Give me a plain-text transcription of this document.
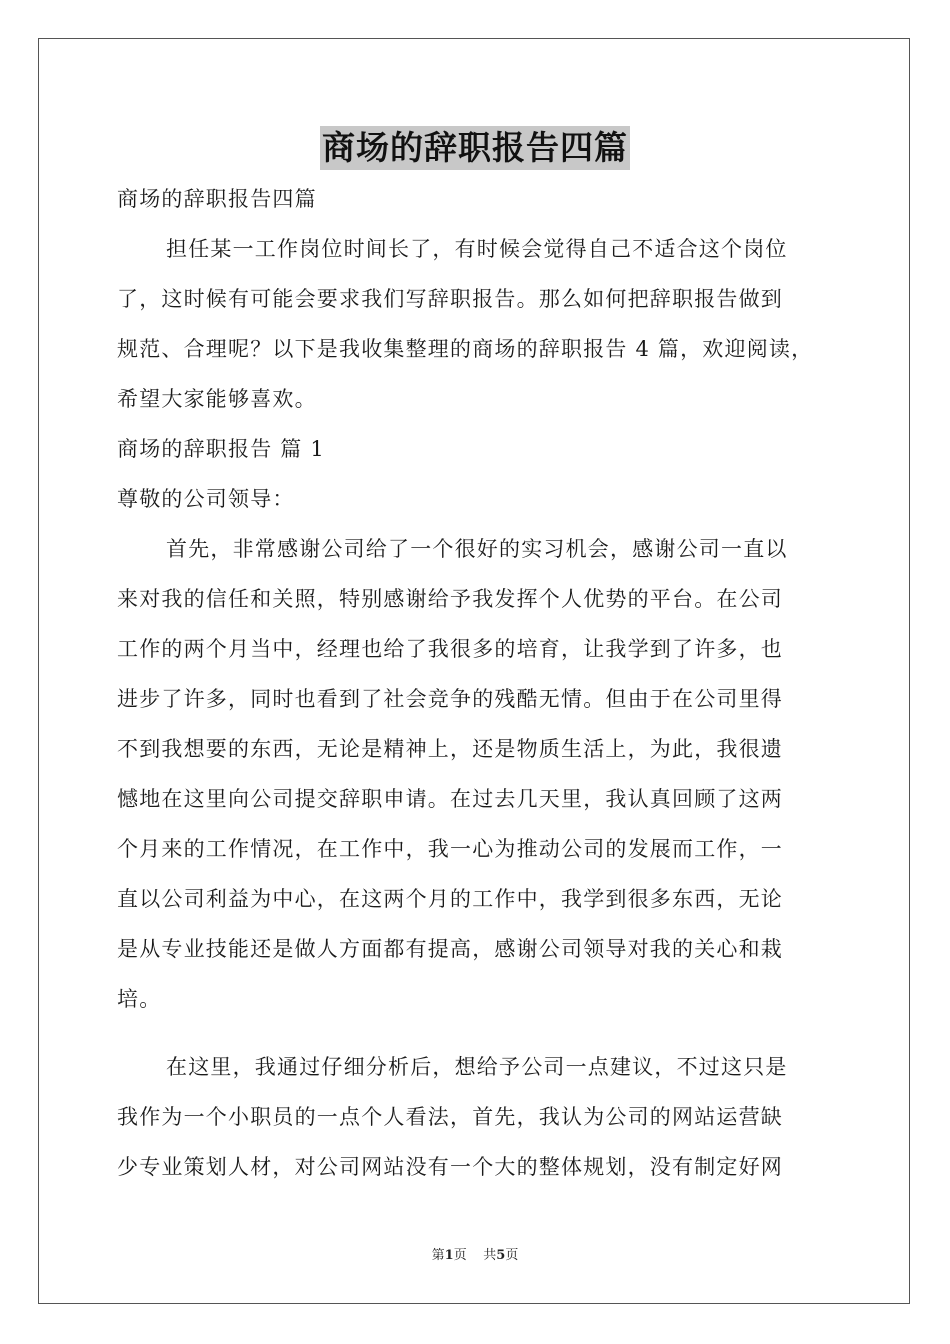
商场的辞职报告四篇
商场的辞职报告四篇
担任某一工作岗位时间长了，有时候会觉得自己不适合这个岗位
了，这时候有可能会要求我们写辞职报告。那么如何把辞职报告做到
规范、合理呢？以下是我收集整理的商场的辞职报告 4 篇，欢迎阅读，
希望大家能够喜欢。
商场的辞职报告 篇 1
尊敬的公司领导：
首先，非常感谢公司给了一个很好的实习机会，感谢公司一直以
来对我的信任和关照，特别感谢给予我发挥个人优势的平台。在公司
工作的两个月当中，经理也给了我很多的培育，让我学到了许多，也
进步了许多，同时也看到了社会竞争的残酷无情。但由于在公司里得
不到我想要的东西，无论是精神上，还是物质生活上，为此，我很遗
憾地在这里向公司提交辞职申请。在过去几天里，我认真回顾了这两
个月来的工作情况，在工作中，我一心为推动公司的发展而工作，一
直以公司利益为中心，在这两个月的工作中，我学到很多东西，无论
是从专业技能还是做人方面都有提高，感谢公司领导对我的关心和栽
培。
在这里，我通过仔细分析后，想给予公司一点建议，不过这只是
我作为一个小职员的一点个人看法，首先，我认为公司的网站运营缺
少专业策划人材，对公司网站没有一个大的整体规划，没有制定好网
第1页 共5页
